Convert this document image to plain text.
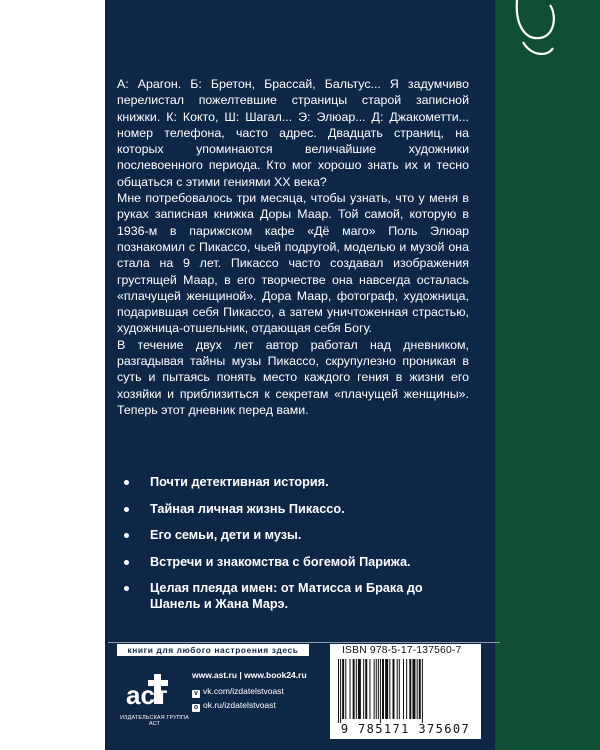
А: Арагон. Б: Бретон, Брассай, Бальтус... Я задумчиво перелистал пожелтевшие страницы старой записной книжки. К: Кокто, Ш: Шагал... Э: Элюар... Д: Джакометти... номер телефона, часто адрес. Двадцать страниц, на которых упоминаются величайшие художники послевоенного периода. Кто мог хорошо знать их и тесно общаться с этими гениями XX века?

Мне потребовалось три месяца, чтобы узнать, что у меня в руках записная книжка Доры Маар. Той самой, которую в 1936-м в парижском кафе «Дё маго» Поль Элюар познакомил с Пикассо, чьей подругой, моделью и музой она стала на 9 лет. Пикассо часто создавал изображения грустящей Маар, в его творчестве она навсегда осталась «плачущей женщиной». Дора Маар, фотограф, художница, подарившая себя Пикассо, а затем уничтоженная страстью, художница-отшельник, отдающая себя Богу.

В течение двух лет автор работал над дневником, разгадывая тайны музы Пикассо, скрупулезно проникая в суть и пытаясь понять место каждого гения в жизни его хозяйки и приблизиться к секретам «плачущей женщины». Теперь этот дневник перед вами.

Почти детективная история.
Тайная личная жизнь Пикассо.
Его семьи, дети и музы.
Встречи и знакомства с богемой Парижа.
Целая плеяда имен: от Матисса и Брака до Шанель и Жана Марэ.
книги для любого настроения здесь
аст
ИЗДАТЕЛЬСКАЯ ГРУППА АСТ
www.ast.ru | www.book24.ru
v vk.com/izdatelstvoast
o ok.ru/izdatelstvoast
ISBN 978-5-17-137560-7
9 785171 375607
